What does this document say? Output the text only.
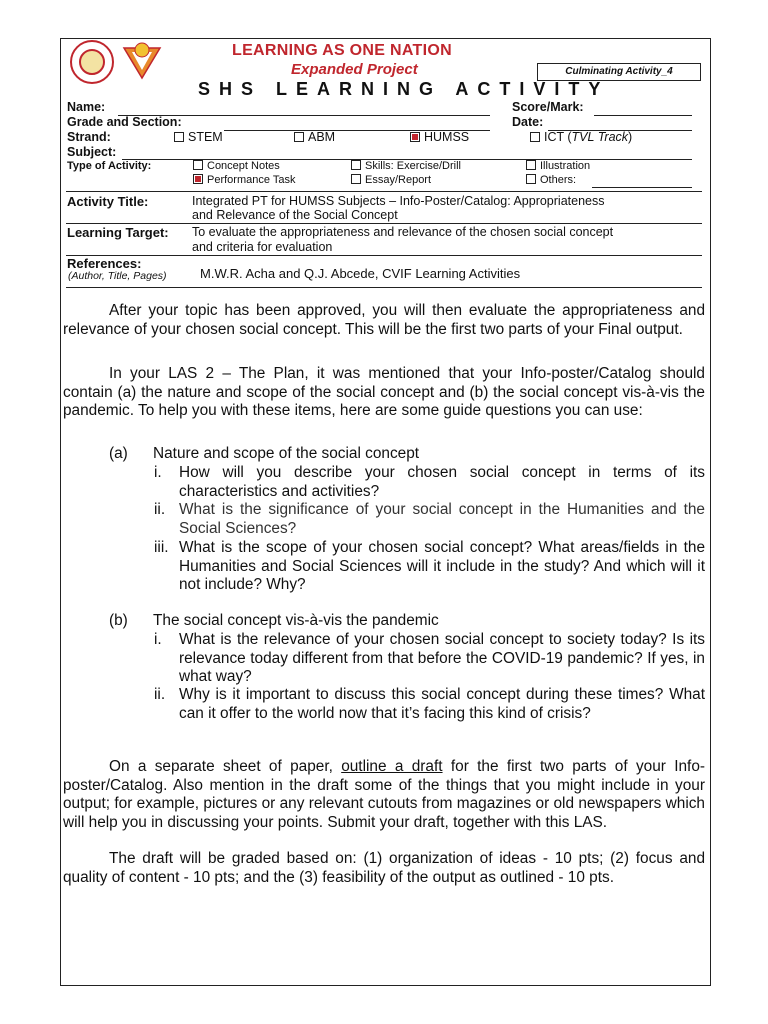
LEARNING AS ONE NATION
Expanded Project
SHS LEARNING ACTIVITY
Culminating Activity_4
Name:	Score/Mark:
Grade and Section:	Date:
Strand:	STEM	ABM	HUMSS	ICT (TVL Track)
Subject:
Type of Activity:	Concept Notes	Skills: Exercise/Drill	Illustration
Performance Task	Essay/Report	Others:
Activity Title:	Integrated PT for HUMSS Subjects – Info-Poster/Catalog: Appropriateness
and Relevance of the Social Concept
Learning Target: To evaluate the appropriateness and relevance of the chosen social concept
and criteria for evaluation
References:
(Author, Title, Pages)	M.W.R. Acha and Q.J. Abcede, CVIF Learning Activities
After your topic has been approved, you will then evaluate the appropriateness and relevance of your chosen social concept. This will be the first two parts of your Final output.
In your LAS 2 – The Plan, it was mentioned that your Info-poster/Catalog should contain (a) the nature and scope of the social concept and (b) the social concept vis-à-vis the pandemic. To help you with these items, here are some guide questions you can use:
(a) Nature and scope of the social concept
i. How will you describe your chosen social concept in terms of its characteristics and activities?
ii. What is the significance of your social concept in the Humanities and the Social Sciences?
iii. What is the scope of your chosen social concept? What areas/fields in the Humanities and Social Sciences will it include in the study? And which will it not include? Why?
(b) The social concept vis-à-vis the pandemic
i. What is the relevance of your chosen social concept to society today? Is its relevance today different from that before the COVID-19 pandemic? If yes, in what way?
ii. Why is it important to discuss this social concept during these times? What can it offer to the world now that it’s facing this kind of crisis?
On a separate sheet of paper, outline a draft for the first two parts of your Info-poster/Catalog. Also mention in the draft some of the things that you might include in your output; for example, pictures or any relevant cutouts from magazines or old newspapers which will help you in discussing your points. Submit your draft, together with this LAS.
The draft will be graded based on: (1) organization of ideas - 10 pts; (2) focus and quality of content - 10 pts; and the (3) feasibility of the output as outlined - 10 pts.
